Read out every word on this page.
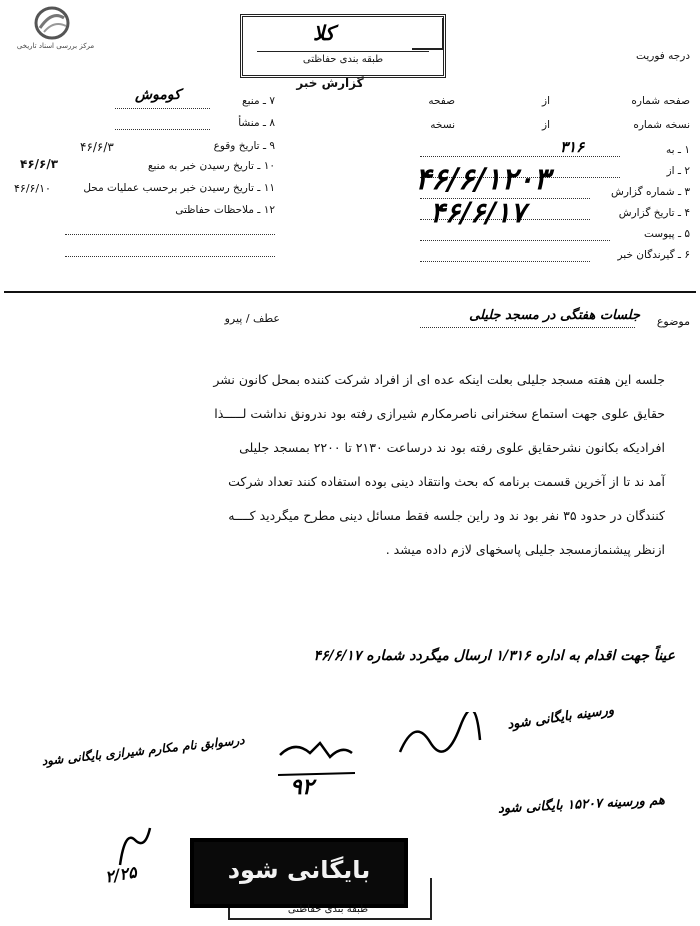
مرکز بررسی اسناد تاریخی
ﮐﻼ
طبقه بندی حفاظتی	درجه فوریت
گزارش خبر
صفحه شماره
از
صفحه
نسخه شماره
از
نسخه
۱ ـ به
۳۱۶
۲ ـ از
۳ ـ شماره گزارش
۴۶/۶/۱۲۰۳
۴ ـ تاریخ گزارش
۴۶/۶/۱۷
۵ ـ پیوست
۶ ـ گیرندگان خبر
۷ ـ منبع
کوموش
۸ ـ منشأ
۹ ـ تاریخ وقوع
۴۶/۶/۳
۱۰ ـ تاریخ رسیدن خبر به منبع
۴۶/۶/۳
۱۱ ـ تاریخ رسیدن خبر برحسب عملیات محل
۴۶/۶/۱۰
۱۲ ـ ملاحظات حفاظتی
موضوع
جلسات هفتگی در مسجد جلیلی
عطف / پیرو
جلسه این هفته مسجد جلیلی بعلت اینکه عده ای از افراد شرکت کننده بمحل کانون نشر
حقایق علوی جهت استماع سخنرانی ناصرمکارم شیرازی رفته بود ندرونق نداشت لـــــذا
افرادیکه بکانون نشرحقایق علوی رفته بود ند درساعت ۲۱۳۰ تا ۲۲۰۰ بمسجد جلیلی
آمد ند تا از آخرین قسمت برنامه که بحث وانتقاد دینی بوده استفاده کنند تعداد شرکت
کنندگان در حدود ۳۵ نفر بود ند ود راین جلسه فقط مسائل دینی مطرح میگردید کــــه
ازنظر پیشنمازمسجد جلیلی پاسخهای لازم داده میشد .
عیناً جهت اقدام به اداره ۱/۳۱۶ ارسال میگردد شماره ۴۶/۶/۱۷
درسوابق نام مکارم شیرازی بایگانی شود
ورسینه بایگانی شود
هم ورسینه ۱۵۲۰۷ بایگانی شود
۹۲
۲/۲۵	بایگانی شود
طبقه بندی حفاظتی
